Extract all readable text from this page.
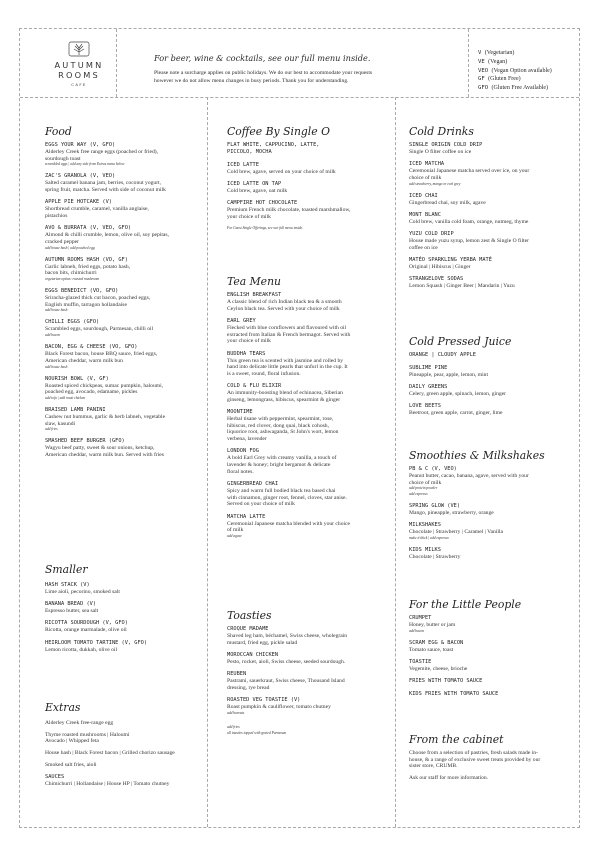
AUTUMN
ROOMS
CAFE
For beer, wine & cocktails, see our full menu inside.
Please note a surcharge applies on public holidays. We do our best to accommodate your requests
however we do not allow menu changes in busy periods. Thank you for understanding.
V (Vegetarian)
VE (Vegan)
VEO (Vegan Option available)
GF (Gluten Free)
GFO (Gluten Free Available)
Food
EGGS YOUR WAY (V, GFO)
Alderley Creek free range eggs (poached or fried),
sourdough toast
scrambled eggs | add any side from Extras menu below
ZAC'S GRANOLA (V, VEO)
Salted caramel banana jam, berries, coconut yogurt,
spring fruit, matcha. Served with side of coconut milk
APPLE PIE HOTCAKE (V)
Shortbread crumble, caramel, vanilla anglaise,
pistachios
AVO & BURRATA (V, VEO, GFO)
Almond & chilli crumble, lemon, olive oil, soy pepitas,
cracked pepper
add house hash | add poached egg
AUTUMN ROOMS HASH (VO, GF)
Garlic labneh, fried eggs, potato hash,
bacon bits, chimichurri
vegetarian option: roasted mushroom
EGGS BENEDICT (VO, GFO)
Sriracha-glazed thick cut bacon, poached eggs,
English muffin, tarragon hollandaise
add house hash
CHILLI EGGS (GFO)
Scrambled eggs, sourdough, Parmesan, chilli oil
add bacon
BACON, EGG & CHEESE (VO, GFO)
Black Forest bacon, house BBQ sauce, fried eggs,
American cheddar, warm milk bun
add house hash
NOURISH BOWL (V, GF)
Roasted spiced chickpeas, sumac pumpkin, haloumi,
poached egg, avocado, edamame, pickles
add tofu | add roast chicken
BRAISED LAMB PANINI
Cashew nut hummus, garlic & herb labneh, vegetable
slaw, kasundi
add fries
SMASHED BEEF BURGER (GFO)
Wagyu beef patty, sweet & sour onions, ketchup,
American cheddar, warm milk bun. Served with fries
Smaller
HASH STACK (V)
Lime aioli, pecorino, smoked salt
BANANA BREAD (V)
Espresso butter, sea salt
RICOTTA SOURDOUGH (V, GFO)
Ricotta, orange marmalade, olive oil
HEIRLOOM TOMATO TARTINE (V, GFO)
Lemon ricotta, dukkah, olive oil
Extras
Alderley Creek free-range egg
Thyme roasted mushrooms | Haloumi
Avocado | Whipped feta
House hash | Black Forest bacon | Grilled chorizo sausage
Smoked salt fries, aioli
SAUCES
Chimichurri | Hollandaise | House HP | Tomato chutney
Coffee By Single O
FLAT WHITE, CAPPUCINO, LATTE,
PICCOLO, MOCHA
ICED LATTE
Cold brew, agave, served on your choice of milk
ICED LATTE ON TAP
Cold brew, agave, oat milk
CAMPFIRE HOT CHOCOLATE
Premium French milk chocolate, toasted marshmallow,
your choice of milk
For Guest Single Offerings, see our full menu inside.
Tea Menu
ENGLISH BREAKFAST
A classic blend of rich Indian black tea & a smooth
Ceylon black tea. Served with your choice of milk
EARL GREY
Flecked with blue cornflowers and flavoured with oil
extracted from Italian & French bermagot. Served with
your choice of milk
BUDDHA TEARS
This green tea is scented with jasmine and rolled by
hand into delicate little pearls that unfurl in the cup. It
is a sweet, round, floral infusion.
COLD & FLU ELIXIR
An immunity-boosting blend of echinacea, Siberian
ginseng, lemongrass, hibiscus, spearmint & ginger
MOONTIME
Herbal tisane with peppermint, spearmint, rose,
hibiscus, red clover, dong quai, black cohosh,
liquorice root, ashwaganda, St John's wort, lemon
verbena, lavender
LONDON FOG
A bold Earl Grey with creamy vanilla, a touch of
lavender & honey; bright bergamot & delicate
floral notes.
GINGERBREAD CHAI
Spicy and warm full bodied black tea based chai
with cinnamon, ginger root, fennel, cloves, star anise.
Served on your choice of milk
MATCHA LATTE
Ceremonial Japanese matcha blended with your choice
of milk
add agave
Toasties
CROQUE MADAME
Shaved leg ham, béchamel, Swiss cheese, wholegrain
mustard, fried egg, pickle salad
MOROCCAN CHICKEN
Pesto, rocket, aioli, Swiss cheese, seeded sourdough.
REUBEN
Pastrami, sauerkraut, Swiss cheese, Thousand Island
dressing, rye bread
ROASTED VEG TOASTIE (V)
Roast pumpkin & cauliflower, tomato chutney
add burrata
add fries
all toasties topped with grated Parmesan
Cold Drinks
SINGLE ORIGIN COLD DRIP
Single O filter coffee on ice
ICED MATCHA
Ceremonial Japanese matcha served over ice, on your
choice of milk
add strawberry, mango or earl grey
ICED CHAI
Gingerbread chai, soy milk, agave
MONT BLANC
Cold brew, vanilla cold foam, orange, nutmeg, thyme
YUZU COLD DRIP
House made yuzu syrup, lemon zest & Single O filter
coffee on ice
MATÉO SPARKLING YERBA MATÉ
Original | Hibiscus | Ginger
STRANGELOVE SODAS
Lemon Squash | Ginger Beer | Mandarin | Yuzu
Cold Pressed Juice
ORANGE | CLOUDY APPLE
SUBLIME PINE
Pineapple, pear, apple, lemon, mint
DAILY GREENS
Celery, green apple, spinach, lemon, ginger
LOVE BEETS
Beetroot, green apple, carrot, ginger, lime
Smoothies & Milkshakes
PB & C (V, VEO)
Peanut butter, cacao, banana, agave, served with your
choice of milk
add protein powder
add espresso
SPRING GLOW (VE)
Mango, pineapple, strawberry, orange
MILKSHAKES
Chocolate | Strawberry | Caramel | Vanilla
make it thick | add espresso
KIDS MILKS
Chocolate | Strawberry
For the Little People
CRUMPET
Honey, butter or jam
add bacon
SCRAM EGG & BACON
Tomato sauce, toast
TOASTIE
Vegemite, cheese, brioche
FRIES WITH TOMATO SAUCE
KIDS FRIES WITH TOMATO SAUCE
From the cabinet
Choose from a selection of pastries, fresh salads made in-
house, & a range of exclusive sweet treats provided by our
sister store, CRUMB.
Ask our staff for more information.
